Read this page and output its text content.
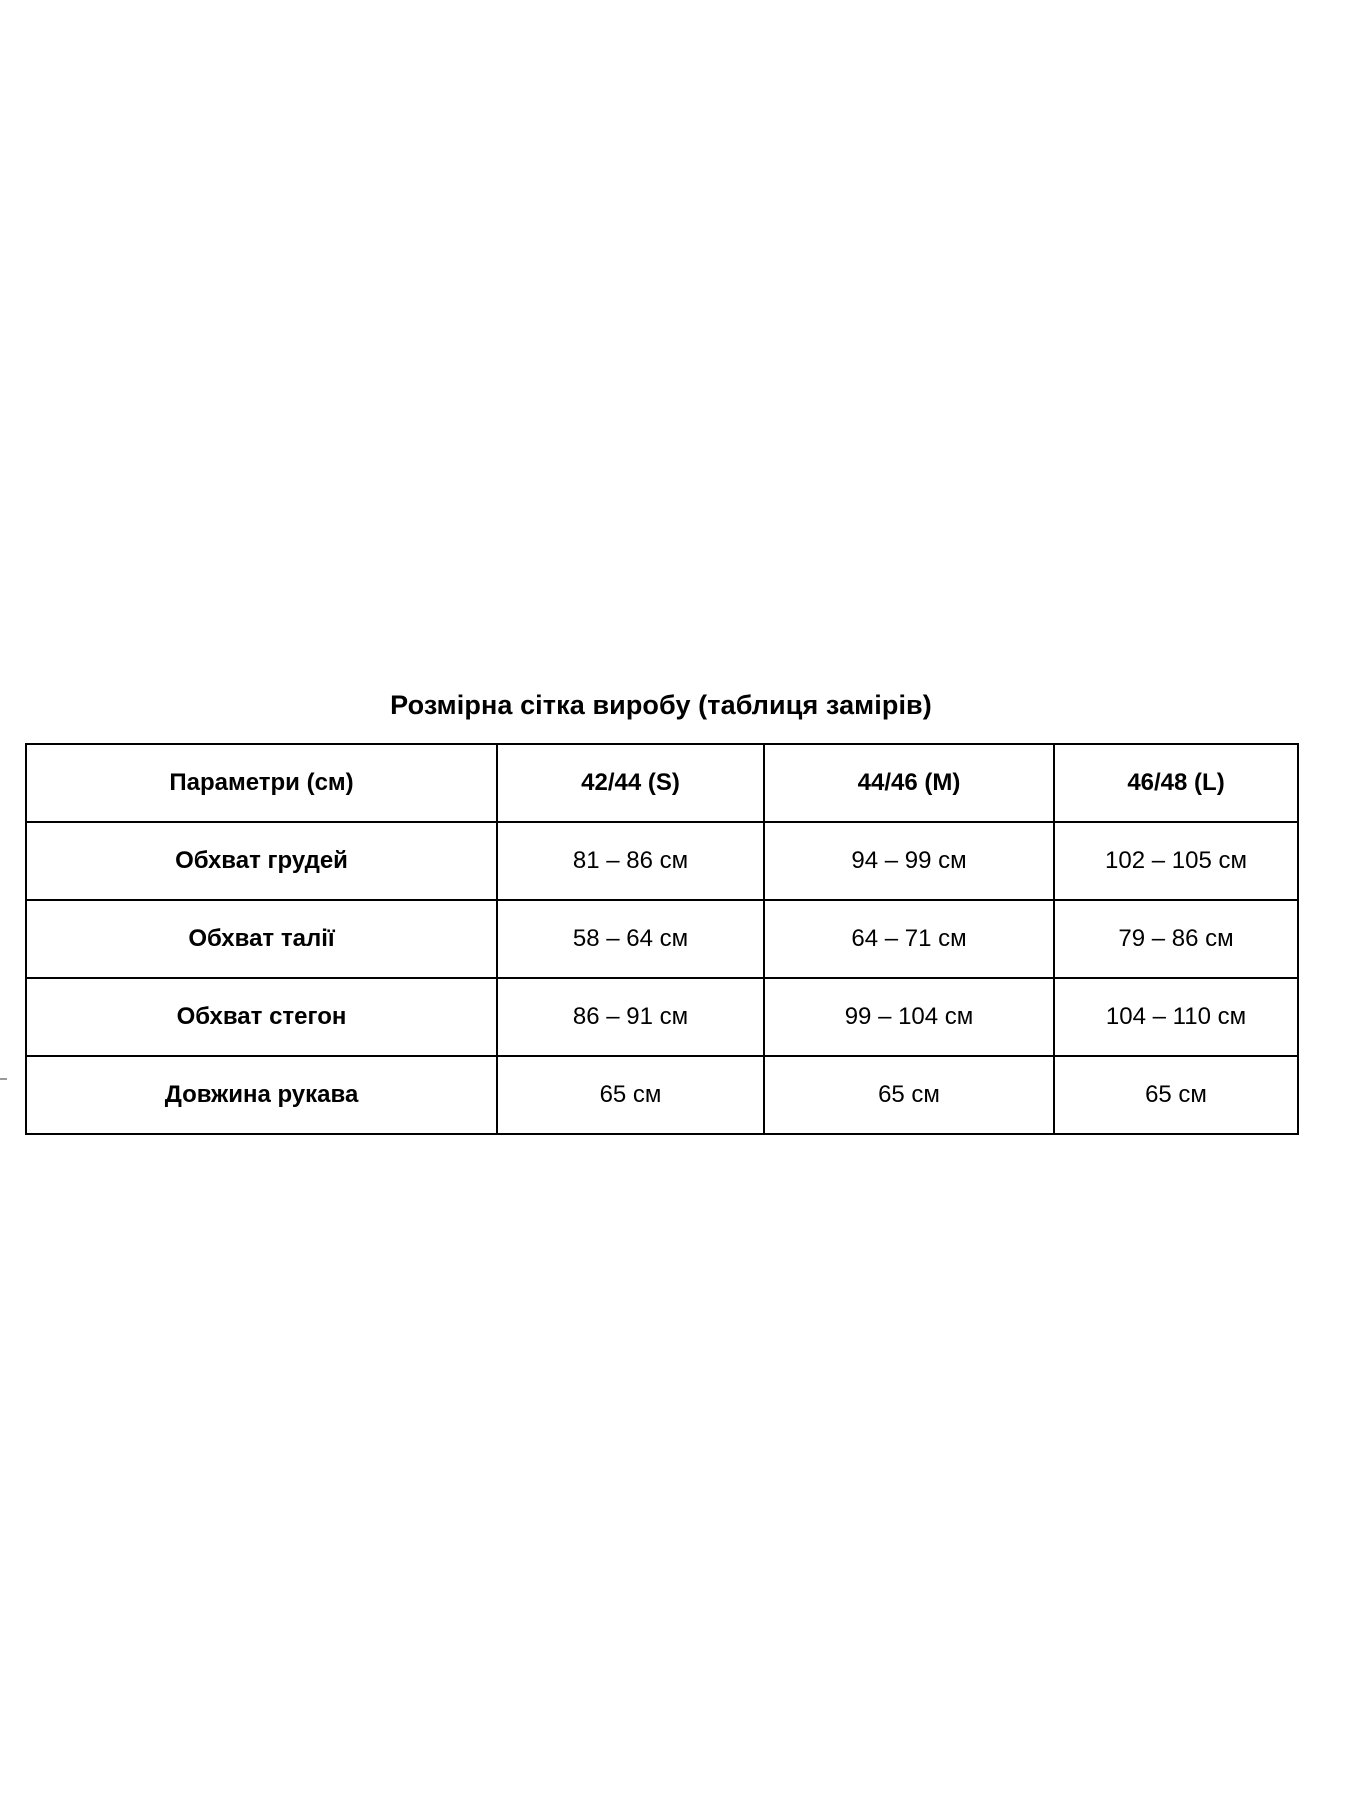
Розмірна сітка виробу (таблиця замірів)
Параметри (см)	42/44 (S)	44/46 (M)	46/48 (L)
Обхват грудей	81 – 86 см	94 – 99 см	102 – 105 см
Обхват талії	58 – 64 см	64 – 71 см	79 – 86 см
Обхват стегон	86 – 91 см	99 – 104 см	104 – 110 см
Довжина рукава	65 см	65 см	65 см
